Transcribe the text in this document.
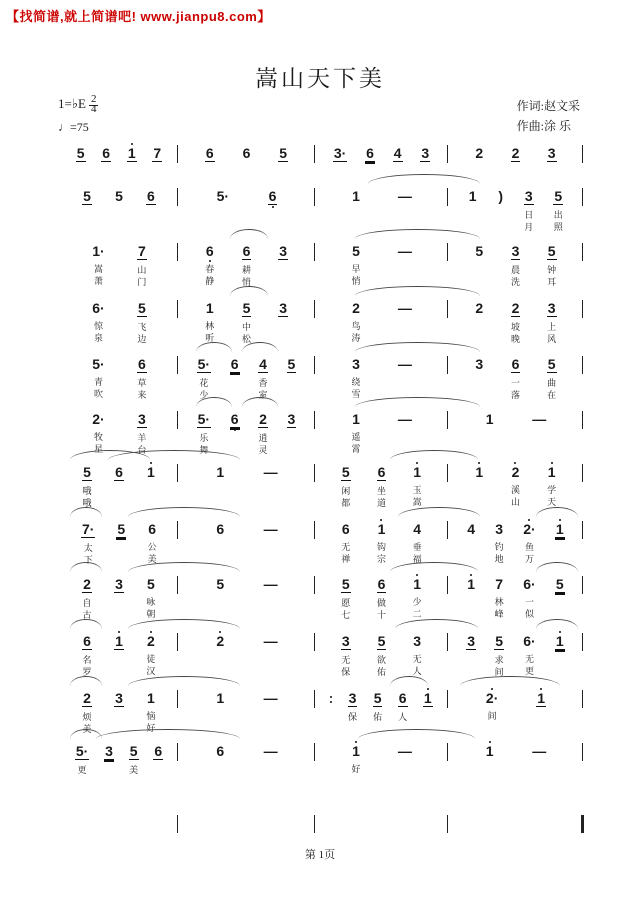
【找简谱,就上简谱吧! www.jianpu8.com】
嵩山天下美
1= ♭ E $\frac{2}{4}$
♩=75
作词:赵文采
作曲:涂 乐
5

6

1

7

	6

6

5

	3·

6

4

3

	2

2

3

5

5

6

	5·

	6

	1

	—

	1

)

3
日
月
5
出
照
1·
嵩
萧
7
山
门
6
春
静
6
耕
悄
3

	5
早
悄
—

	5

3
晨
洗
5
钟
耳
6·
惊
泉
5
飞
边
1
林
听
5
中
松
3

	2
鸟
涛
—

	2

2
坡
晚
3
上
风
5·
青
吹
6
草
来
5·
花
少
6

4
香
室
5

	3
绕
雪
—

	3

6
一
落
5
曲
在
2·
牧
星
3
羊
台
5·
乐
舞
6

2
逍
灵
3

	1
遥
霄
—

	1

	—

5
哦
哦
6

1

	1

	—

	5
闲
都
6
坐
道
1
玉
嵩
1

2
溪
山
1
学
天
7·
太
下
5

6
公
美
6

	—

	6
无
禅
1
钩
宗
4
垂
福
4

3
钓
地
2·
鱼
万
1

2
自
古
3

5
咏
朝
5

	—

	5
愿
七
6
做
十
1
少
二
1

7
林
峰
6·
一
似
5

6
名
罗
1

2
徒
汉
2

	—

	3
无
保
5
欲
佑
3
无
人
3

5
求
间
6·
无
更
1

2
烦
美
3

1
恼
好
1

	—

	3
保

5
佑

6
人

1

	2·
间

1

5·
更

3

5
美

6

	6

	—

	1
好

—

	1

	—

第 1页
